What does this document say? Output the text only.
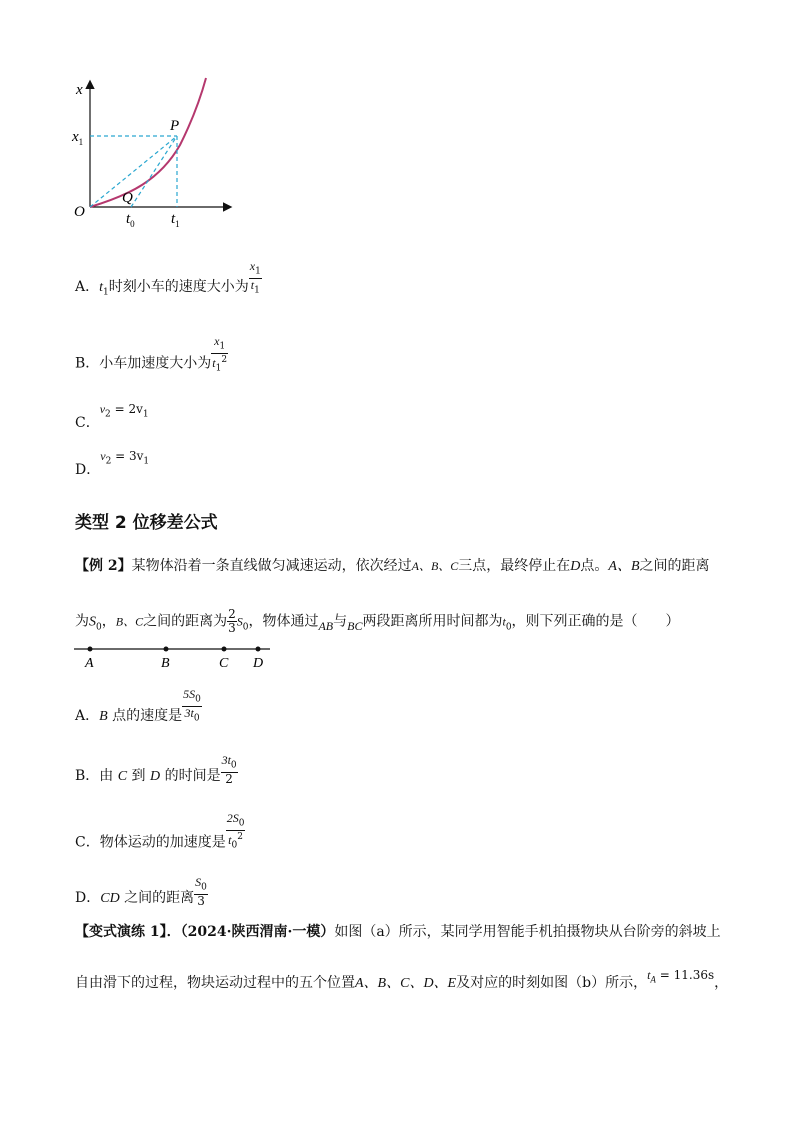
x
O
$x_1$
P
Q
$t_0$ $t_1$
A．$t_1$时刻小车的速度大小为 $\frac{x_1}{t_1}$
B．小车加速度大小为 $\frac{x_1}{t_1^2}$
C．$v_2 = 2v_1$
D．$v_2 = 3v_1$
类型 2 位移差公式
【例 2】某物体沿着一条直线做匀减速运动，依次经过A、B、C三点，最终停止在D点。A、B之间的距离
为$S_0$，B、C之间的距离为 $\frac{2}{3} S_0$，物体通过AB与BC两段距离所用时间都为$t_0$，则下列正确的是（　　）
A	B	C D
A．B 点的速度是 $\frac{5S_0}{3t_0}$
B．由 C 到 D 的时间是 $\frac{3t_0}{2}$
C．物体运动的加速度是 $\frac{2S_0}{t_0^2}$
D．CD 之间的距离 $\frac{S_0}{3}$
【变式演练 1】．（2024·陕西渭南·一模）如图（a）所示，某同学用智能手机拍摄物块从台阶旁的斜坡上
自由滑下的过程，物块运动过程中的五个位置A、B、C、D、E及对应的时刻如图（b）所示，$t_A = 11.36s$，
